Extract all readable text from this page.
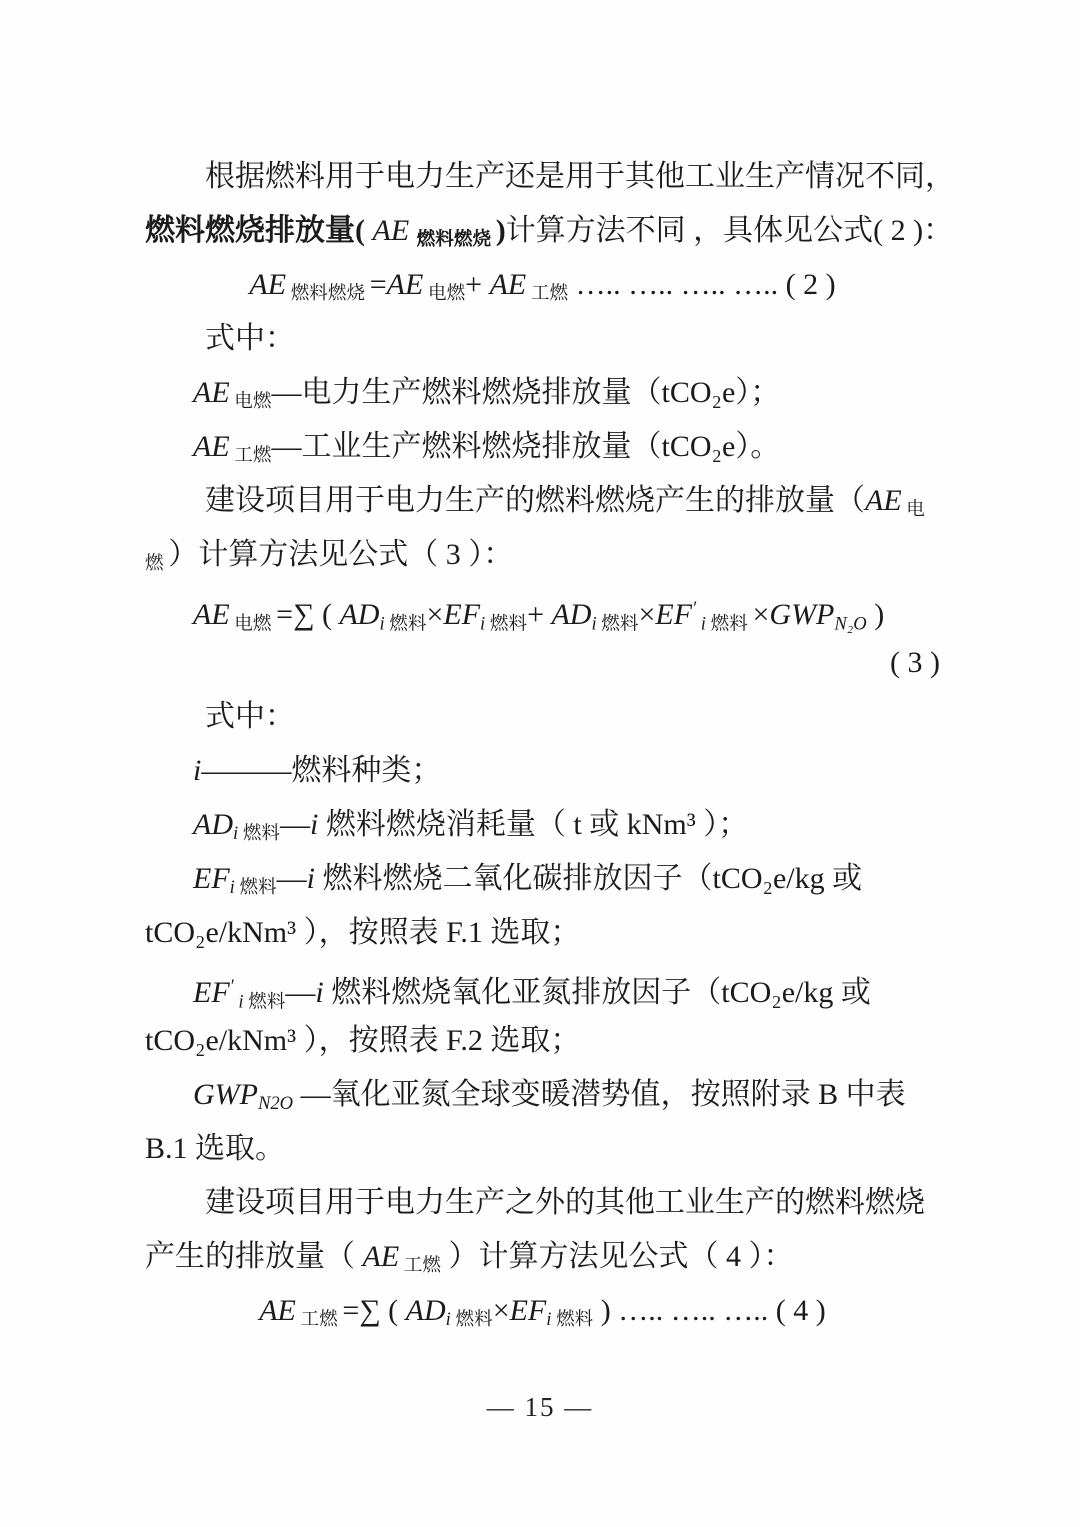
根据燃料用于电力生产还是用于其他工业生产情况不同，
燃料燃烧排放量( AE 燃料燃烧 )计算方法不同 ，具体见公式( 2 )：
AE 燃料燃烧 =AE 电燃+ AE 工燃 ….. ….. ….. ….. ( 2 )
式中：
AE 电燃—电力生产燃料燃烧排放量（tCO₂e）；
AE 工燃—工业生产燃料燃烧排放量（tCO₂e）。
建设项目用于电力生产的燃料燃烧产生的排放量（AE 电
燃 ）计算方法见公式（ 3 ）：
AE 电燃 =∑ ( ADi 燃料×EFi 燃料+ ADi 燃料×EF′ i 燃料 ×GWPN₂O )
( 3 )
式中：
i———燃料种类；
ADi 燃料—i 燃料燃烧消耗量（ t 或 kNm³ ）；
EFi 燃料—i 燃料燃烧二氧化碳排放因子（tCO₂e/kg 或
tCO₂e/kNm³ ），按照表 F.1 选取；
EF′ i 燃料—i 燃料燃烧氧化亚氮排放因子（tCO₂e/kg 或
tCO₂e/kNm³ ），按照表 F.2 选取；
GWPN2O —氧化亚氮全球变暖潜势值，按照附录 B 中表
B.1 选取。
建设项目用于电力生产之外的其他工业生产的燃料燃烧
产生的排放量（ AE 工燃 ）计算方法见公式（ 4 ）：
AE 工燃 =∑ ( ADi 燃料×EFi 燃料 ) ….. ….. ….. ( 4 )
— 15 —
